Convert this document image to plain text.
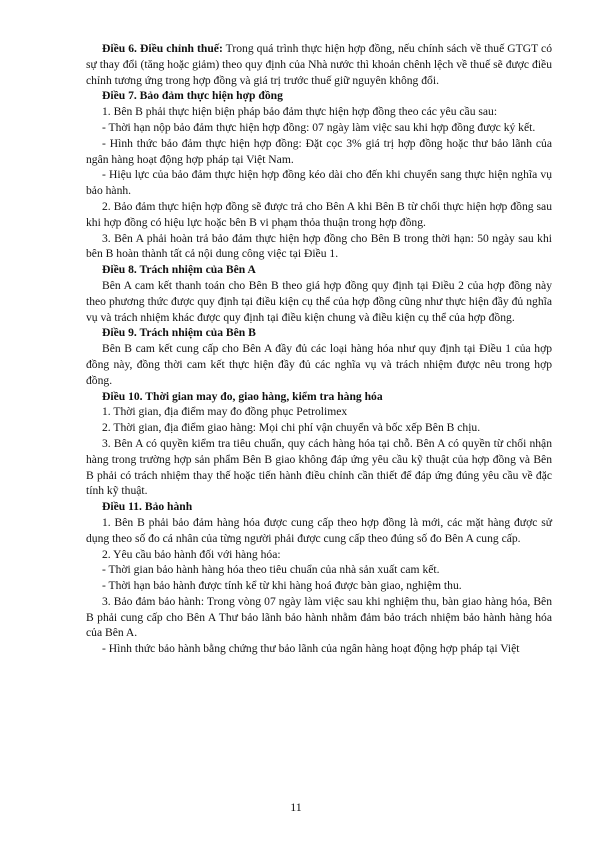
Điều 6. Điều chỉnh thuế: Trong quá trình thực hiện hợp đồng, nếu chính sách về thuế GTGT có sự thay đổi (tăng hoặc giảm) theo quy định của Nhà nước thì khoản chênh lệch về thuế sẽ được điều chỉnh tương ứng trong hợp đồng và giá trị trước thuế giữ nguyên không đổi.

Điều 7. Bảo đảm thực hiện hợp đồng

1. Bên B phải thực hiện biện pháp bảo đảm thực hiện hợp đồng theo các yêu cầu sau:

- Thời hạn nộp bảo đảm thực hiện hợp đồng: 07 ngày làm việc sau khi hợp đồng được ký kết.

- Hình thức bảo đảm thực hiện hợp đồng: Đặt cọc 3% giá trị hợp đồng hoặc thư bảo lãnh của ngân hàng hoạt động hợp pháp tại Việt Nam.

- Hiệu lực của bảo đảm thực hiện hợp đồng kéo dài cho đến khi chuyển sang thực hiện nghĩa vụ bảo hành.

2. Bảo đảm thực hiện hợp đồng sẽ được trả cho Bên A khi Bên B từ chối thực hiện hợp đồng sau khi hợp đồng có hiệu lực hoặc bên B vi phạm thỏa thuận trong hợp đồng.

3. Bên A phải hoàn trả bảo đảm thực hiện hợp đồng cho Bên B trong thời hạn: 50 ngày sau khi bên B hoàn thành tất cả nội dung công việc tại Điều 1.

Điều 8. Trách nhiệm của Bên A

Bên A cam kết thanh toán cho Bên B theo giá hợp đồng quy định tại Điều 2 của hợp đồng này theo phương thức được quy định tại điều kiện cụ thể của hợp đồng cũng như thực hiện đầy đủ nghĩa vụ và trách nhiệm khác được quy định tại điều kiện chung và điều kiện cụ thể của hợp đồng.

Điều 9. Trách nhiệm của Bên B

Bên B cam kết cung cấp cho Bên A đầy đủ các loại hàng hóa như quy định tại Điều 1 của hợp đồng này, đồng thời cam kết thực hiện đầy đủ các nghĩa vụ và trách nhiệm được nêu trong hợp đồng.

Điều 10. Thời gian may đo, giao hàng, kiểm tra hàng hóa

1. Thời gian, địa điểm may đo đồng phục Petrolimex

2. Thời gian, địa điểm giao hàng: Mọi chi phí vận chuyển và bốc xếp Bên B chịu.

3. Bên A có quyền kiểm tra tiêu chuẩn, quy cách hàng hóa tại chỗ. Bên A có quyền từ chối nhận hàng trong trường hợp sản phẩm Bên B giao không đáp ứng yêu cầu kỹ thuật của hợp đồng và Bên B phải có trách nhiệm thay thế hoặc tiến hành điều chỉnh cần thiết để đáp ứng đúng yêu cầu về đặc tính kỹ thuật.

Điều 11. Bảo hành

1. Bên B phải bảo đảm hàng hóa được cung cấp theo hợp đồng là mới, các mặt hàng được sử dụng theo số đo cá nhân của từng người phải được cung cấp theo đúng số đo Bên A cung cấp.

2. Yêu cầu bảo hành đối với hàng hóa:

- Thời gian bảo hành hàng hóa theo tiêu chuẩn của nhà sản xuất cam kết.

- Thời hạn bảo hành được tính kể từ khi hàng hoá được bàn giao, nghiệm thu.

3. Bảo đảm bảo hành: Trong vòng 07 ngày làm việc sau khi nghiệm thu, bàn giao hàng hóa, Bên B phải cung cấp cho Bên A Thư bảo lãnh bảo hành nhằm đảm bảo trách nhiệm bảo hành hàng hóa của Bên A.

- Hình thức bảo hành bằng chứng thư bảo lãnh của ngân hàng hoạt động hợp pháp tại Việt

11
